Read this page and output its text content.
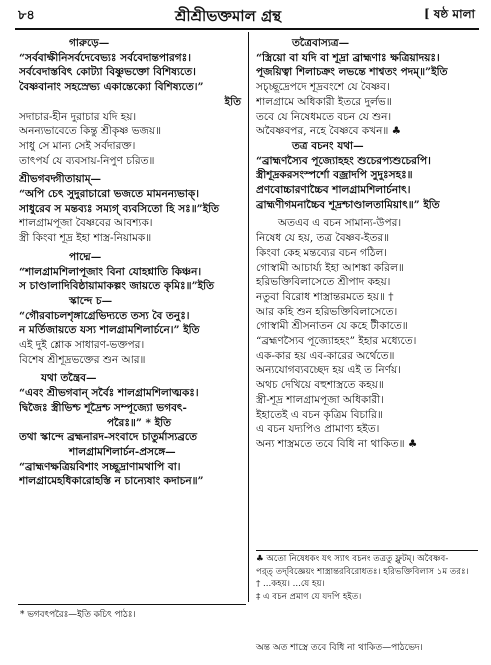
৮৪	শ্রীশ্রীভক্তমাল গ্রন্থ	[ ষষ্ঠ মালা
গারুড়ে—
“সর্ববাক্ষীনিসর্বদেবেভ্যঃ সর্ববেদান্তপারগঃ।
সর্ববেদাস্তবিৎ কোট্যা বিষ্ণুভক্তো বিশিষ্যতে।
বৈষ্ণবানাং সহস্রেভ্য একান্তেক্যো বিশিষ্যতে।”
ইতি
সদাচার-হীন দুরাচার যদি হয়।
অনন্যভাবেতে কিন্তু শ্রীকৃষ্ণ ভজয়॥
সাধু সে মান্য সেই সর্বদারক্ত।
তাৎপর্য যে ব্যবসায়-নিপুণ চরিত॥
শ্রীভগবদ্গীতায়াম্—
“অপি চেৎ সুদুরাচারো ভজতে মামনন্যভাক্।
সাধুরেব স মন্তব্যঃ সম্যগ্ ব্যবসিতো হি সঃ॥”ইতি
শালগ্রামপূজা বৈষ্ণবের আবশ্যক।
স্ত্রী কিংবা শূদ্র ইহা শাস্ত্র-নিয়ামক॥
পাদ্মে—
“শালগ্রামশিলাপূজাং বিনা যোহশ্নাতি কিঞ্চন।
স চাণ্ডালাদিবিষ্ঠায়ামাকল্পং জায়তে কৃমিঃ॥”ইতি
স্কান্দে চ—
“গৌরবাচলশৃঙ্গাগ্রেভিদ্যতে তস্য বৈ তনুঃ।
ন মর্তিজায়তে যস্য শালগ্রামশিলার্চনে।” ইতি
এই দুই শ্লোক সাধারণ-ভক্তপর।
বিশেষ শ্রীশূদ্রভক্তের শুন আর॥
যথা তন্ত্রৈব—
“এবং শ্রীভগবান্ সর্বৈঃ শালগ্রামশিলাত্মকঃ।
দ্বিজৈঃ স্ত্রীভিশ্চ শূদ্রৈশ্চ সম্পূজ্যো ভগবৎ-
পরৈঃ॥” * ইতি
তথা স্কান্দে ব্রহ্মনারদ-সংবাদে চাতুর্মাস্যব্রতে
শালগ্রামশিলার্চন-প্রসঙ্গে—
“ব্রাহ্মণক্ষত্রিয়বিশাং সচ্ছূদ্রাণামথাপি বা।
শালগ্রামেহধিকারোহস্তি ন চান্যেষাং কদাচন॥”
তত্রৈবাস্যত্র—
“স্ত্রিয়ো বা যদি বা শূদ্রা ব্রাহ্মণাঃ ক্ষত্রিয়াদয়ঃ।
পূজয়িত্বা শিলাচক্রং লভন্তে শাশ্বতং পদম্॥”ইতি
সচ্চ্ছূদ্রেপদে শূদ্রবংশে যে বৈষ্ণব।
শালগ্রামে অধিকারী ইতরে দুর্লভ॥
তবে যে নিষেধমতে বচন যে শুন।
অবৈষ্ণবপর, নহে বৈষ্ণবে কখন॥ ♣
তত্র বচনং যথা—
“ব্রাহ্মণস্যৈব পূজ্যোহহং শুচেরপ্যশুচেরপি।
স্ত্রীশূদ্রকরসংস্পর্শো বজ্রাদপি সুদুঃসহঃ॥
প্রণবোচ্চারণাচ্চৈব শালগ্রামশিলার্চনাৎ।
ব্রাহ্মণীগমনাচ্চৈব শূদ্রশ্চাণ্ডালতামিয়াৎ॥” ইতি
অতএব এ বচন সামান্য-উপর।
নিষেধ যে হয়, তত্র বৈষ্ণব-ইতর॥
কিংবা কেহ মন্তব্যের বচন গঠিল।
গোস্বামী আচার্য্য ইহা আশঙ্কা করিল॥
হরিভক্তিবিলাসেতে শ্রীপাদ কহয়।
নতুবা বিরোধ শাস্ত্রান্তরমতে হয়॥ †
আর কহি শুন হরিভক্তিবিলাসেতে।
গোস্বামী শ্রীসনাতন যে কহে টীকাতে॥
“ব্রহ্মণস্যৈব পূজ্যোহহং” ইহার মধ্যেতে।
এক-কার হয় এব-কারের অর্থেতে॥
অন্যযোগব্যবচ্ছেদ হয় এই ত নির্ণয়।
অথচ দেখিয়ে বহুশাস্ত্রতে কহয়॥
স্ত্রী-শূদ্র শালগ্রামপূজা অধিকারী।
ইহাতেই এ বচন কৃত্রিম বিচারি॥
এ বচন যদ্যপিও প্রামাণ্য হইত।
অন্য শাস্ত্রমতে তবে বিধি না থাকিত॥ ♣
♣ অতো নিষেধকং যৎ স্যাৎ বচনং তত্রতু ফ্লুটম্। অবৈষ্ণব-
পর্‌ত্ তদ্‌বিজ্ঞেয়ং শাস্ত্রান্তরবিরোধতঃ। হরিভক্তিবিলাস ১ম তরঃ।
† ...কহয়। ...যে হয়।
‡ এ বচন প্রমাণ যে যদপি হইত।
* ভগবৎপরৈঃ—ইতি কচিৎ পাঠঃ।
অন্ত অত শাস্ত্রে তবে বিধি না থাকিত—পাঠভেদ।
